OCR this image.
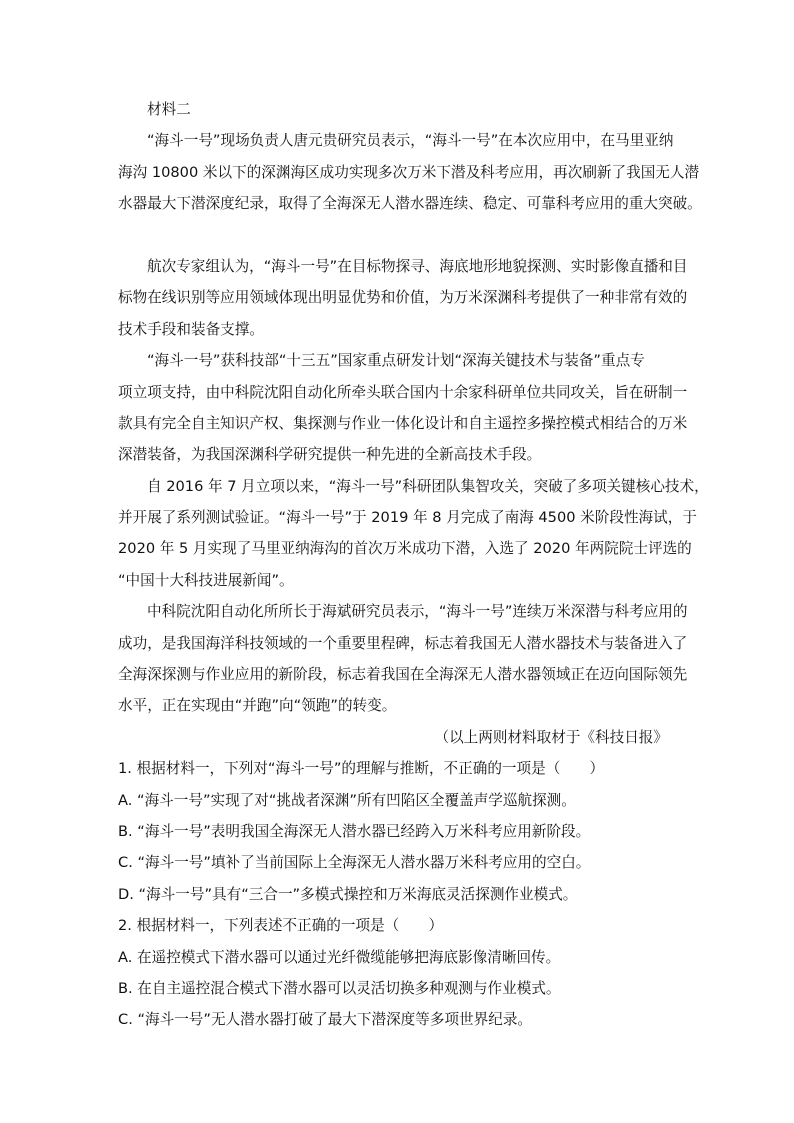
材料二
“海斗一号”现场负责人唐元贵研究员表示，“海斗一号”在本次应用中，在马里亚纳
海沟 10800 米以下的深渊海区成功实现多次万米下潜及科考应用，再次刷新了我国无人潜
水器最大下潜深度纪录，取得了全海深无人潜水器连续、稳定、可靠科考应用的重大突破。
航次专家组认为，“海斗一号”在目标物探寻、海底地形地貌探测、实时影像直播和目
标物在线识别等应用领域体现出明显优势和价值，为万米深渊科考提供了一种非常有效的
技术手段和装备支撑。
“海斗一号”获科技部“十三五”国家重点研发计划“深海关键技术与装备”重点专
项立项支持，由中科院沈阳自动化所牵头联合国内十余家科研单位共同攻关，旨在研制一
款具有完全自主知识产权、集探测与作业一体化设计和自主遥控多操控模式相结合的万米
深潜装备，为我国深渊科学研究提供一种先进的全新高技术手段。
自 2016 年 7 月立项以来，“海斗一号”科研团队集智攻关，突破了多项关键核心技术，
并开展了系列测试验证。“海斗一号”于 2019 年 8 月完成了南海 4500 米阶段性海试，于
2020 年 5 月实现了马里亚纳海沟的首次万米成功下潜，入选了 2020 年两院院士评选的
“中国十大科技进展新闻”。
中科院沈阳自动化所所长于海斌研究员表示，“海斗一号”连续万米深潜与科考应用的
成功，是我国海洋科技领域的一个重要里程碑，标志着我国无人潜水器技术与装备进入了
全海深探测与作业应用的新阶段，标志着我国在全海深无人潜水器领域正在迈向国际领先
水平，正在实现由“并跑”向“领跑”的转变。
（以上两则材料取材于《科技日报》
1. 根据材料一，下列对“海斗一号”的理解与推断，不正确的一项是（　　）
A. “海斗一号”实现了对“挑战者深渊”所有凹陷区全覆盖声学巡航探测。
B. “海斗一号”表明我国全海深无人潜水器已经跨入万米科考应用新阶段。
C. “海斗一号”填补了当前国际上全海深无人潜水器万米科考应用的空白。
D. “海斗一号”具有“三合一”多模式操控和万米海底灵活探测作业模式。
2. 根据材料一，下列表述不正确的一项是（　　）
A. 在遥控模式下潜水器可以通过光纤微缆能够把海底影像清晰回传。
B. 在自主遥控混合模式下潜水器可以灵活切换多种观测与作业模式。
C. “海斗一号”无人潜水器打破了最大下潜深度等多项世界纪录。
